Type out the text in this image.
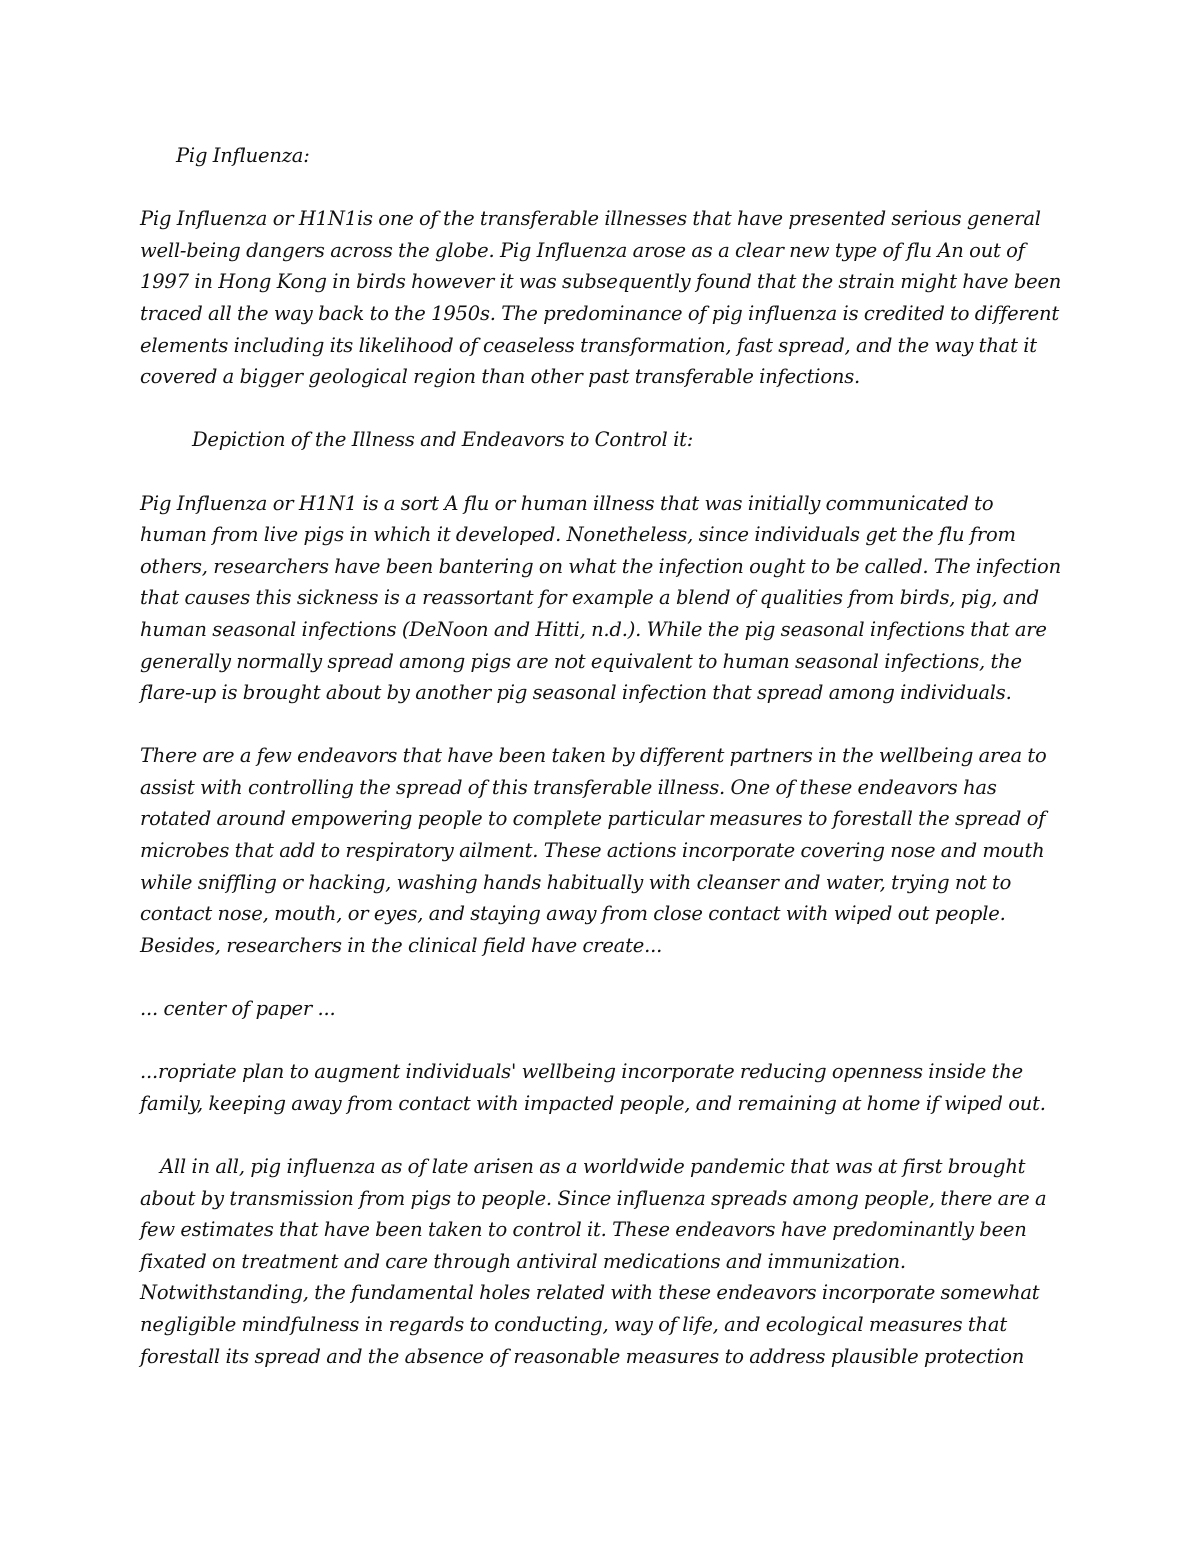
Pig Influenza:

Pig Influenza or H1N1is one of the transferable illnesses that have presented serious general well-being dangers across the globe. Pig Influenza arose as a clear new type of flu An out of 1997 in Hong Kong in birds however it was subsequently found that the strain might have been traced all the way back to the 1950s. The predominance of pig influenza is credited to different elements including its likelihood of ceaseless transformation, fast spread, and the way that it covered a bigger geological region than other past transferable infections.

Depiction of the Illness and Endeavors to Control it:

Pig Influenza or H1N1 is a sort A flu or human illness that was initially communicated to human from live pigs in which it developed. Nonetheless, since individuals get the flu from others, researchers have been bantering on what the infection ought to be called. The infection that causes this sickness is a reassortant for example a blend of qualities from birds, pig, and human seasonal infections (DeNoon and Hitti, n.d.). While the pig seasonal infections that are generally normally spread among pigs are not equivalent to human seasonal infections, the flare-up is brought about by another pig seasonal infection that spread among individuals.

There are a few endeavors that have been taken by different partners in the wellbeing area to assist with controlling the spread of this transferable illness. One of these endeavors has rotated around empowering people to complete particular measures to forestall the spread of microbes that add to respiratory ailment. These actions incorporate covering nose and mouth while sniffling or hacking, washing hands habitually with cleanser and water, trying not to contact nose, mouth, or eyes, and staying away from close contact with wiped out people. Besides, researchers in the clinical field have create...

... center of paper ...

...ropriate plan to augment individuals' wellbeing incorporate reducing openness inside the family, keeping away from contact with impacted people, and remaining at home if wiped out.

All in all, pig influenza as of late arisen as a worldwide pandemic that was at first brought about by transmission from pigs to people. Since influenza spreads among people, there are a few estimates that have been taken to control it. These endeavors have predominantly been fixated on treatment and care through antiviral medications and immunization. Notwithstanding, the fundamental holes related with these endeavors incorporate somewhat negligible mindfulness in regards to conducting, way of life, and ecological measures that forestall its spread and the absence of reasonable measures to address plausible protection
